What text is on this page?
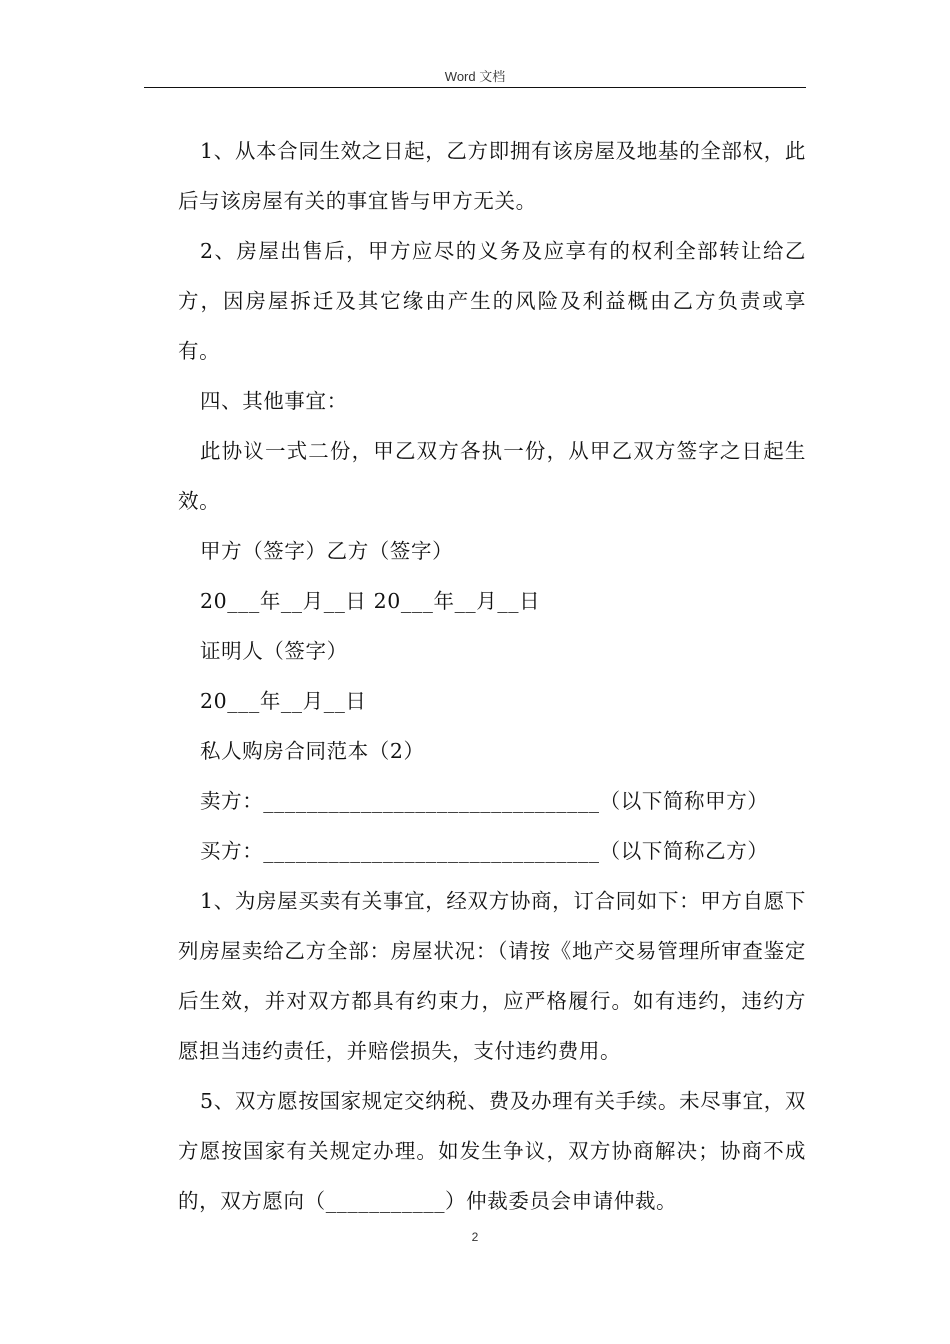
Word 文档

1、从本合同生效之日起，乙方即拥有该房屋及地基的全部权，此后与该房屋有关的事宜皆与甲方无关。

2、房屋出售后，甲方应尽的义务及应享有的权利全部转让给乙方，因房屋拆迁及其它缘由产生的风险及利益概由乙方负责或享有。

四、其他事宜：

此协议一式二份，甲乙双方各执一份，从甲乙双方签字之日起生效。

甲方（签字）乙方（签字）

20___年__月__日 20___年__月__日

证明人（签字）

20___年__月__日

私人购房合同范本（2）

卖方：_______________________________（以下简称甲方）

买方：_______________________________（以下简称乙方）

1、为房屋买卖有关事宜，经双方协商，订合同如下：甲方自愿下列房屋卖给乙方全部：房屋状况：（请按《地产交易管理所审查鉴定后生效，并对双方都具有约束力，应严格履行。如有违约，违约方愿担当违约责任，并赔偿损失，支付违约费用。

5、双方愿按国家规定交纳税、费及办理有关手续。未尽事宜，双方愿按国家有关规定办理。如发生争议，双方协商解决；协商不成的，双方愿向（___________）仲裁委员会申请仲裁。

2
